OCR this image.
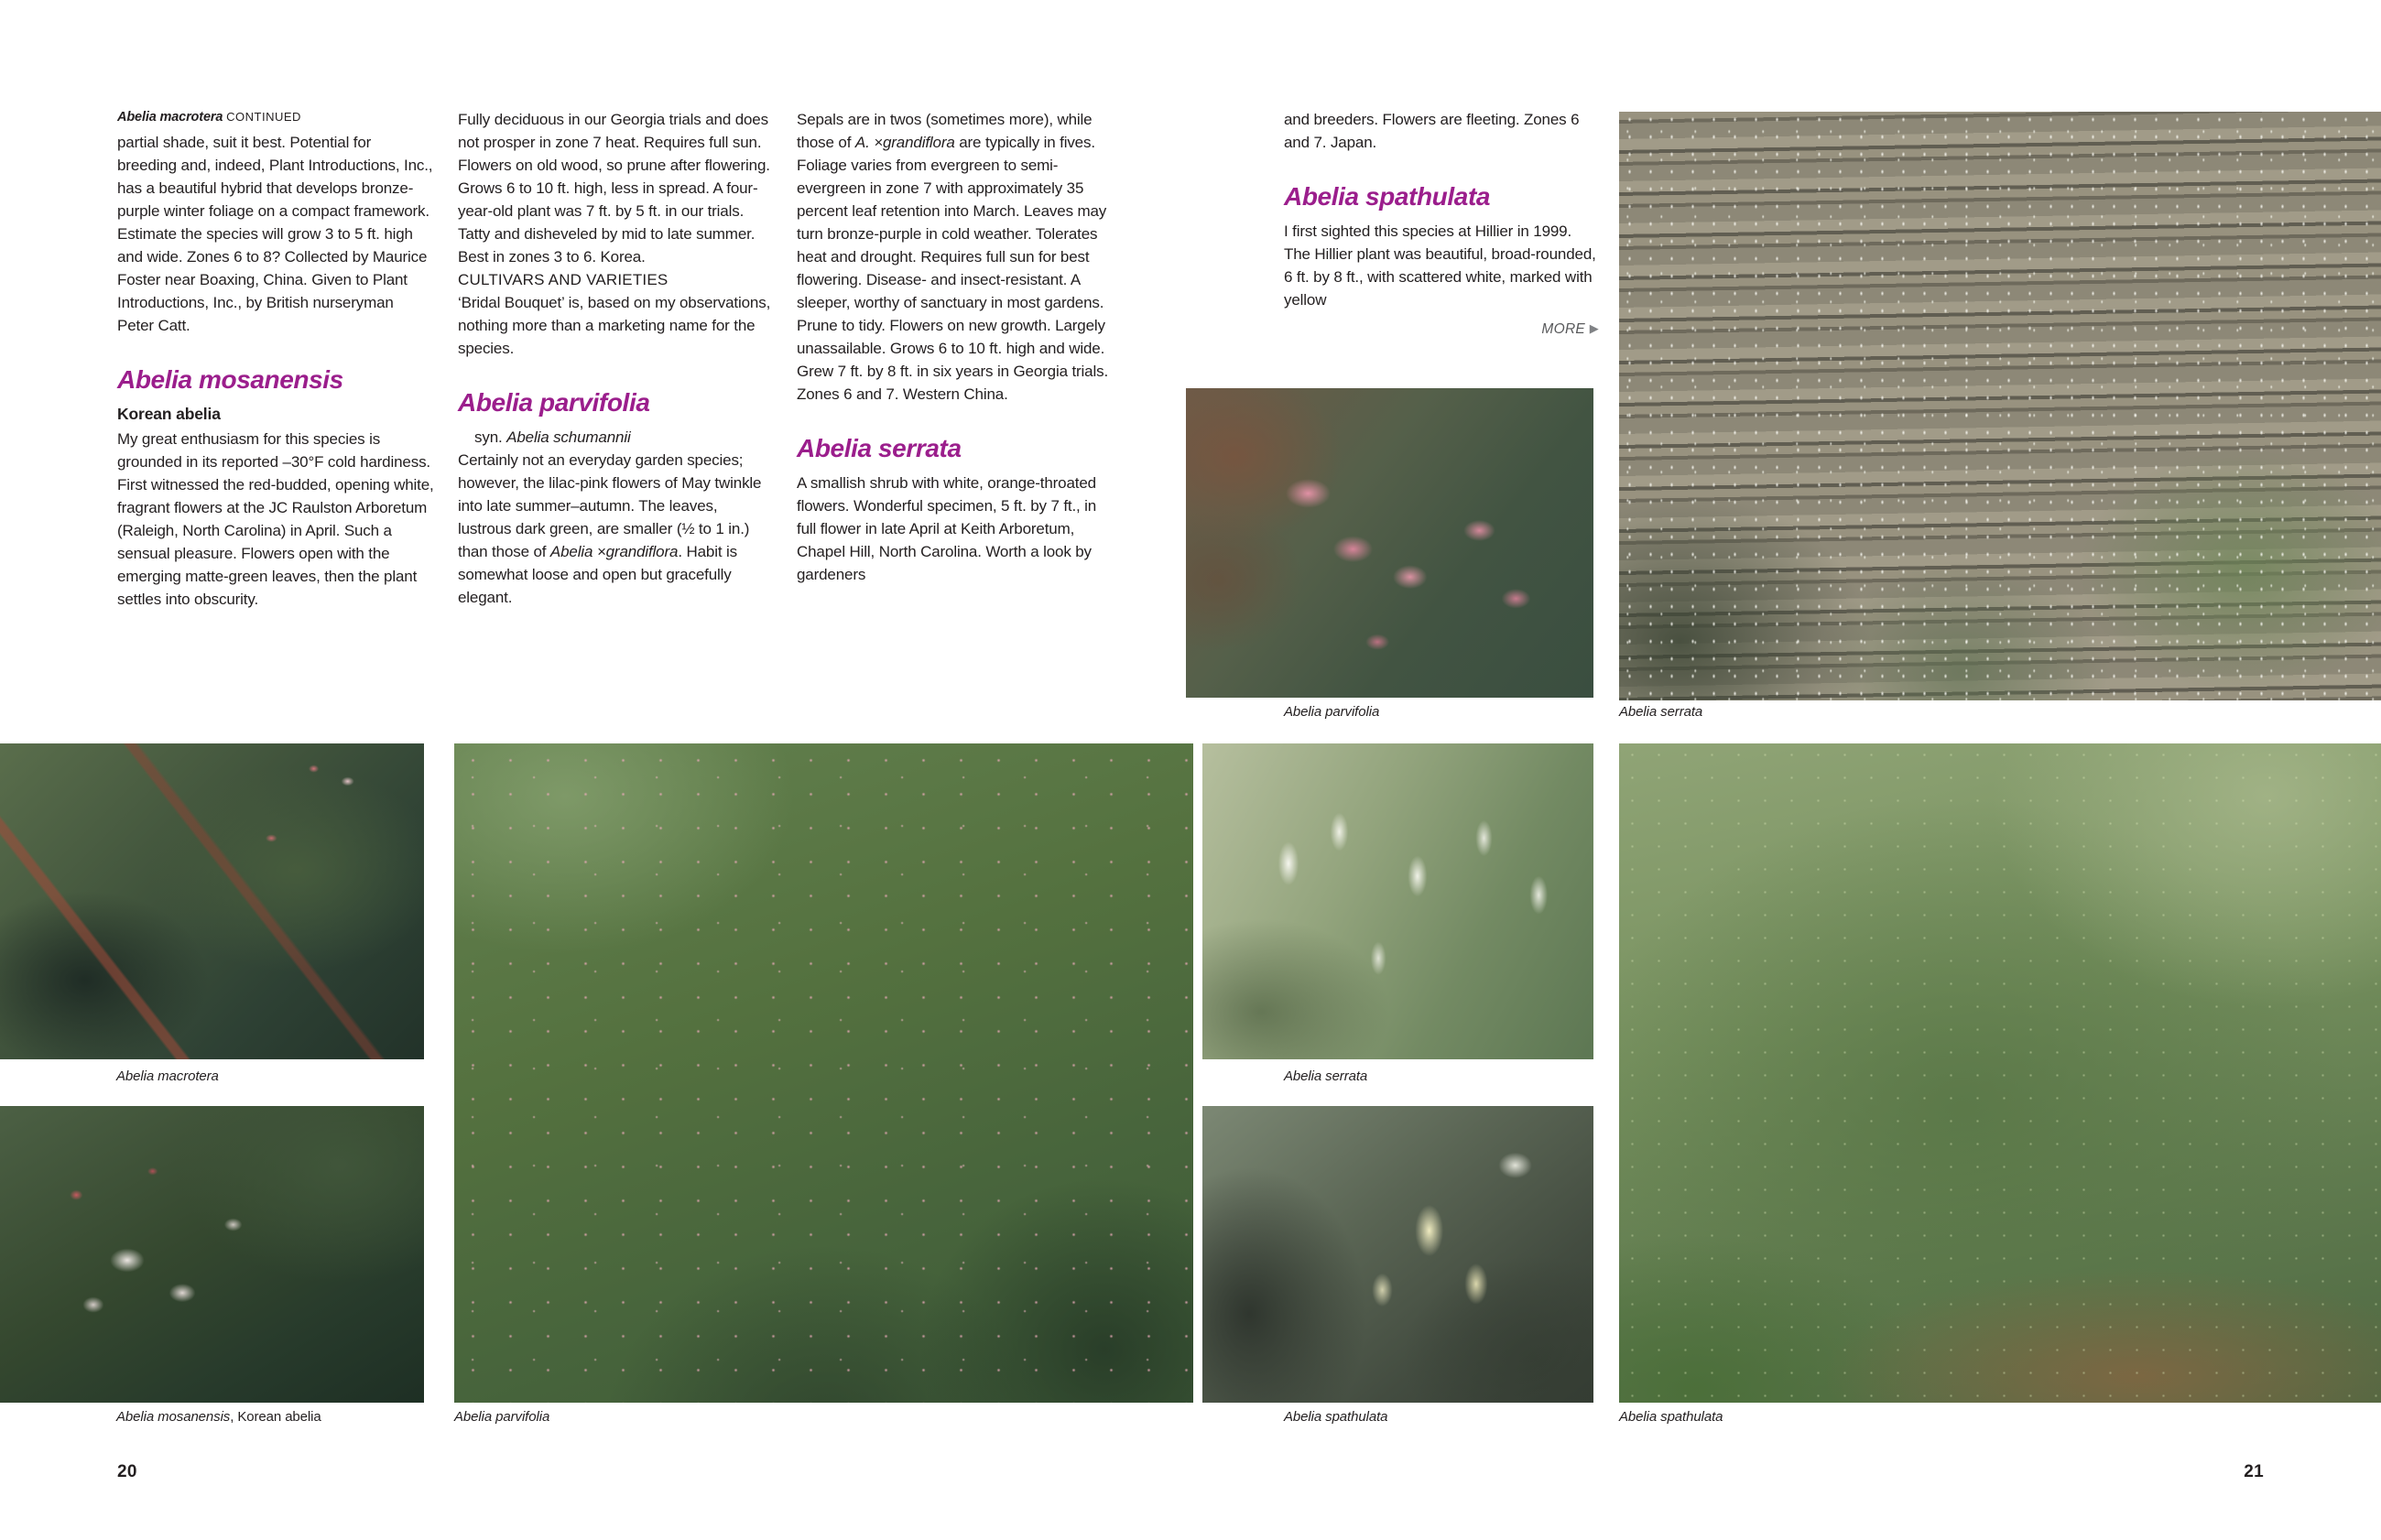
Abelia macrotera CONTINUED

partial shade, suit it best. Potential for breeding and, indeed, Plant Introductions, Inc., has a beautiful hybrid that develops bronze-purple winter foliage on a compact framework. Estimate the species will grow 3 to 5 ft. high and wide. Zones 6 to 8? Collected by Maurice Foster near Boaxing, China. Given to Plant Introductions, Inc., by British nurseryman Peter Catt.

Abelia mosanensis
Korean abelia

My great enthusiasm for this species is grounded in its reported –30°F cold hardiness. First witnessed the red-budded, opening white, fragrant flowers at the JC Raulston Arboretum (Raleigh, North Carolina) in April. Such a sensual pleasure. Flowers open with the emerging matte-green leaves, then the plant settles into obscurity.

Fully deciduous in our Georgia trials and does not prosper in zone 7 heat. Requires full sun. Flowers on old wood, so prune after flowering. Grows 6 to 10 ft. high, less in spread. A four-year-old plant was 7 ft. by 5 ft. in our trials. Tatty and disheveled by mid to late summer. Best in zones 3 to 6. Korea.

CULTIVARS AND VARIETIES

‘Bridal Bouquet’ is, based on my observations, nothing more than a marketing name for the species.

Abelia parvifolia
syn. Abelia schumannii

Certainly not an everyday garden species; however, the lilac-pink flowers of May twinkle into late summer–autumn. The leaves, lustrous dark green, are smaller (½ to 1 in.) than those of Abelia ×grandiflora. Habit is somewhat loose and open but gracefully elegant.

Sepals are in twos (sometimes more), while those of A. ×grandiflora are typically in fives. Foliage varies from evergreen to semi-evergreen in zone 7 with approximately 35 percent leaf retention into March. Leaves may turn bronze-purple in cold weather. Tolerates heat and drought. Requires full sun for best flowering. Disease- and insect-resistant. A sleeper, worthy of sanctuary in most gardens. Prune to tidy. Flowers on new growth. Largely unassailable. Grows 6 to 10 ft. high and wide. Grew 7 ft. by 8 ft. in six years in Georgia trials. Zones 6 and 7. Western China.

Abelia serrata

A smallish shrub with white, orange-throated flowers. Wonderful specimen, 5 ft. by 7 ft., in full flower in late April at Keith Arboretum, Chapel Hill, North Carolina. Worth a look by gardeners

and breeders. Flowers are fleeting. Zones 6 and 7. Japan.

Abelia spathulata

I first sighted this species at Hillier in 1999. The Hillier plant was beautiful, broad-rounded, 6 ft. by 8 ft., with scattered white, marked with yellow

MORE ▶
Abelia parvifolia	Abelia serrata
Abelia macrotera
Abelia mosanensis, Korean abelia	Abelia parvifolia
Abelia serrata
Abelia spathulata	Abelia spathulata
20	21
